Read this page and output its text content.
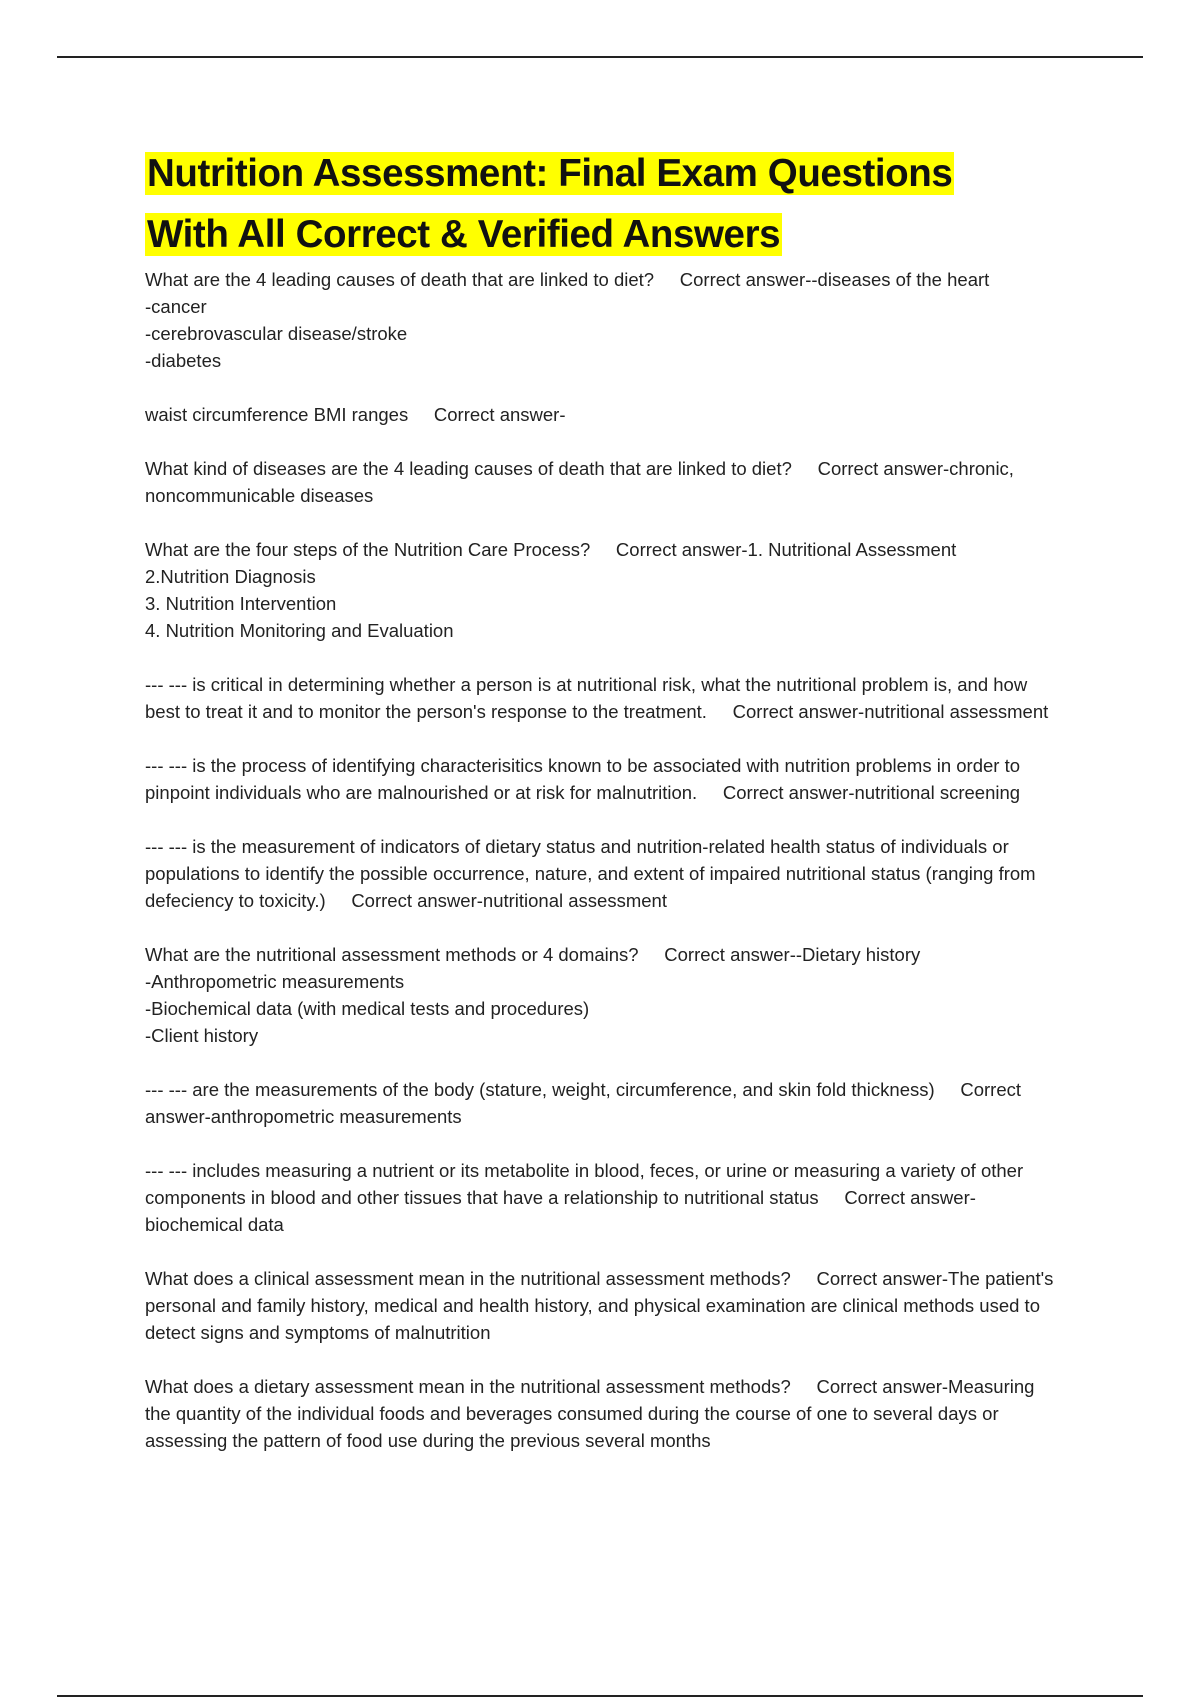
Nutrition Assessment: Final Exam Questions
With All Correct & Verified Answers

What are the 4 leading causes of death that are linked to diet?     Correct answer--diseases of the heart
-cancer
-cerebrovascular disease/stroke
-diabetes

waist circumference BMI ranges     Correct answer-

What kind of diseases are the 4 leading causes of death that are linked to diet?     Correct answer-chronic, noncommunicable diseases

What are the four steps of the Nutrition Care Process?     Correct answer-1. Nutritional Assessment
2.Nutrition Diagnosis
3. Nutrition Intervention
4. Nutrition Monitoring and Evaluation

--- --- is critical in determining whether a person is at nutritional risk, what the nutritional problem is, and how best to treat it and to monitor the person's response to the treatment.     Correct answer-nutritional assessment

--- --- is the process of identifying characterisitics known to be associated with nutrition problems in order to pinpoint individuals who are malnourished or at risk for malnutrition.     Correct answer-nutritional screening

--- --- is the measurement of indicators of dietary status and nutrition-related health status of individuals or populations to identify the possible occurrence, nature, and extent of impaired nutritional status (ranging from defeciency to toxicity.)     Correct answer-nutritional assessment

What are the nutritional assessment methods or 4 domains?     Correct answer--Dietary history
-Anthropometric measurements
-Biochemical data (with medical tests and procedures)
-Client history

--- --- are the measurements of the body (stature, weight, circumference, and skin fold thickness)     Correct answer-anthropometric measurements

--- --- includes measuring a nutrient or its metabolite in blood, feces, or urine or measuring a variety of other components in blood and other tissues that have a relationship to nutritional status     Correct answer-biochemical data

What does a clinical assessment mean in the nutritional assessment methods?     Correct answer-The patient's personal and family history, medical and health history, and physical examination are clinical methods used to detect signs and symptoms of malnutrition

What does a dietary assessment mean in the nutritional assessment methods?     Correct answer-Measuring the quantity of the individual foods and beverages consumed during the course of one to several days or assessing the pattern of food use during the previous several months
